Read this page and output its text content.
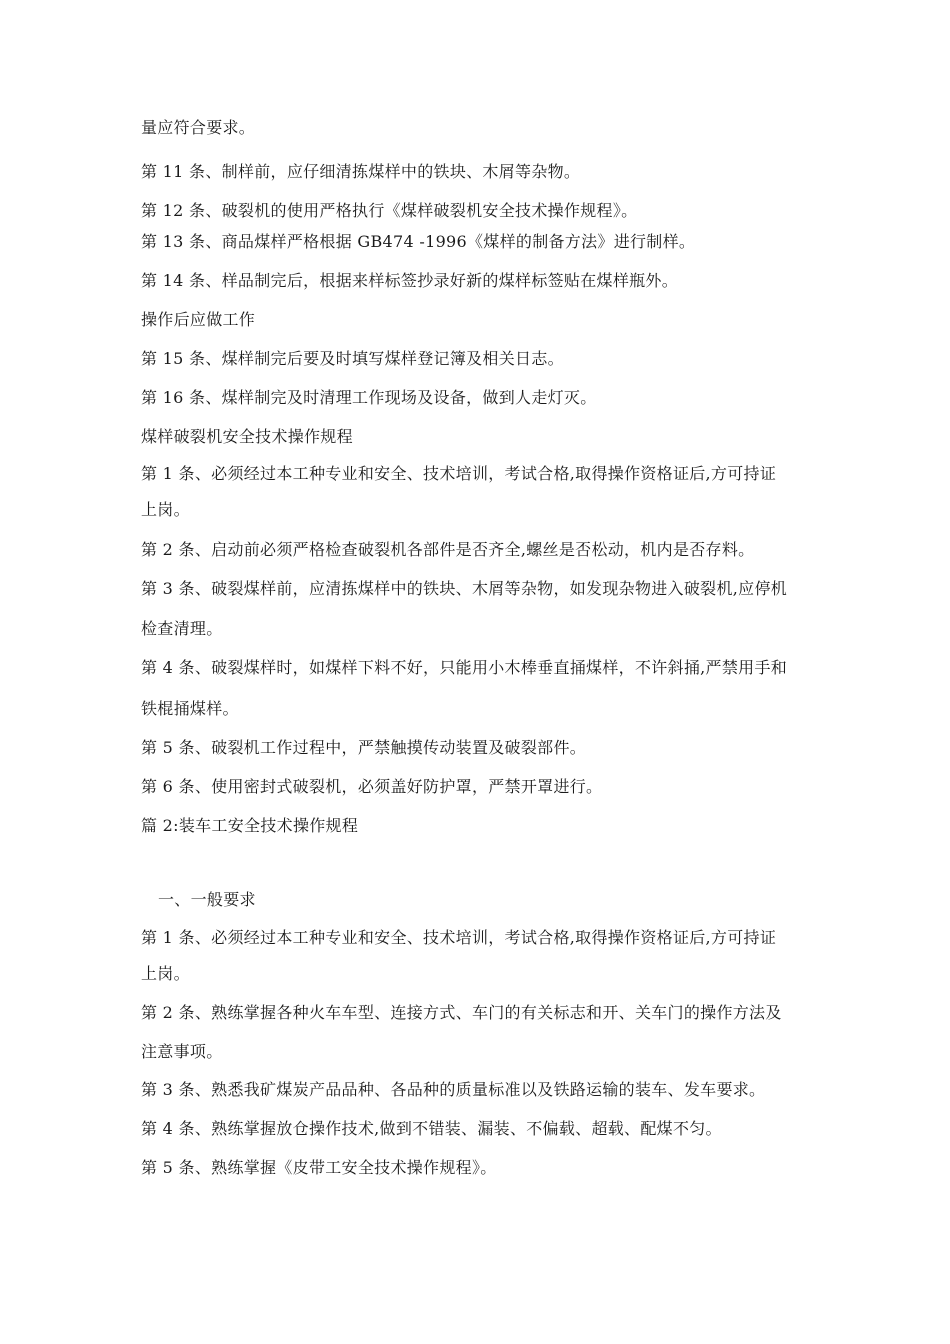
量应符合要求。
第 11 条、制样前，应仔细清拣煤样中的铁块、木屑等杂物。
第 12 条、破裂机的使用严格执行《煤样破裂机安全技术操作规程》。
第 13 条、商品煤样严格根据 GB474 -1996《煤样的制备方法》进行制样。
第 14 条、样品制完后，根据来样标签抄录好新的煤样标签贴在煤样瓶外。
操作后应做工作
第 15 条、煤样制完后要及时填写煤样登记簿及相关日志。
第 16 条、煤样制完及时清理工作现场及设备，做到人走灯灭。
煤样破裂机安全技术操作规程
第 1 条、必须经过本工种专业和安全、技术培训，考试合格,取得操作资格证后,方可持证
上岗。
第 2 条、启动前必须严格检查破裂机各部件是否齐全,螺丝是否松动，机内是否存料。
第 3 条、破裂煤样前，应清拣煤样中的铁块、木屑等杂物，如发现杂物进入破裂机,应停机
检查清理。
第 4 条、破裂煤样时，如煤样下料不好，只能用小木棒垂直捅煤样，不许斜捅,严禁用手和
铁棍捅煤样。
第 5 条、破裂机工作过程中，严禁触摸传动装置及破裂部件。
第 6 条、使用密封式破裂机，必须盖好防护罩，严禁开罩进行。
篇 2:装车工安全技术操作规程
一、一般要求
第 1 条、必须经过本工种专业和安全、技术培训，考试合格,取得操作资格证后,方可持证
上岗。
第 2 条、熟练掌握各种火车车型、连接方式、车门的有关标志和开、关车门的操作方法及
注意事项。
第 3 条、熟悉我矿煤炭产品品种、各品种的质量标准以及铁路运输的装车、发车要求。
第 4 条、熟练掌握放仓操作技术,做到不错装、漏装、不偏载、超载、配煤不匀。
第 5 条、熟练掌握《皮带工安全技术操作规程》。
